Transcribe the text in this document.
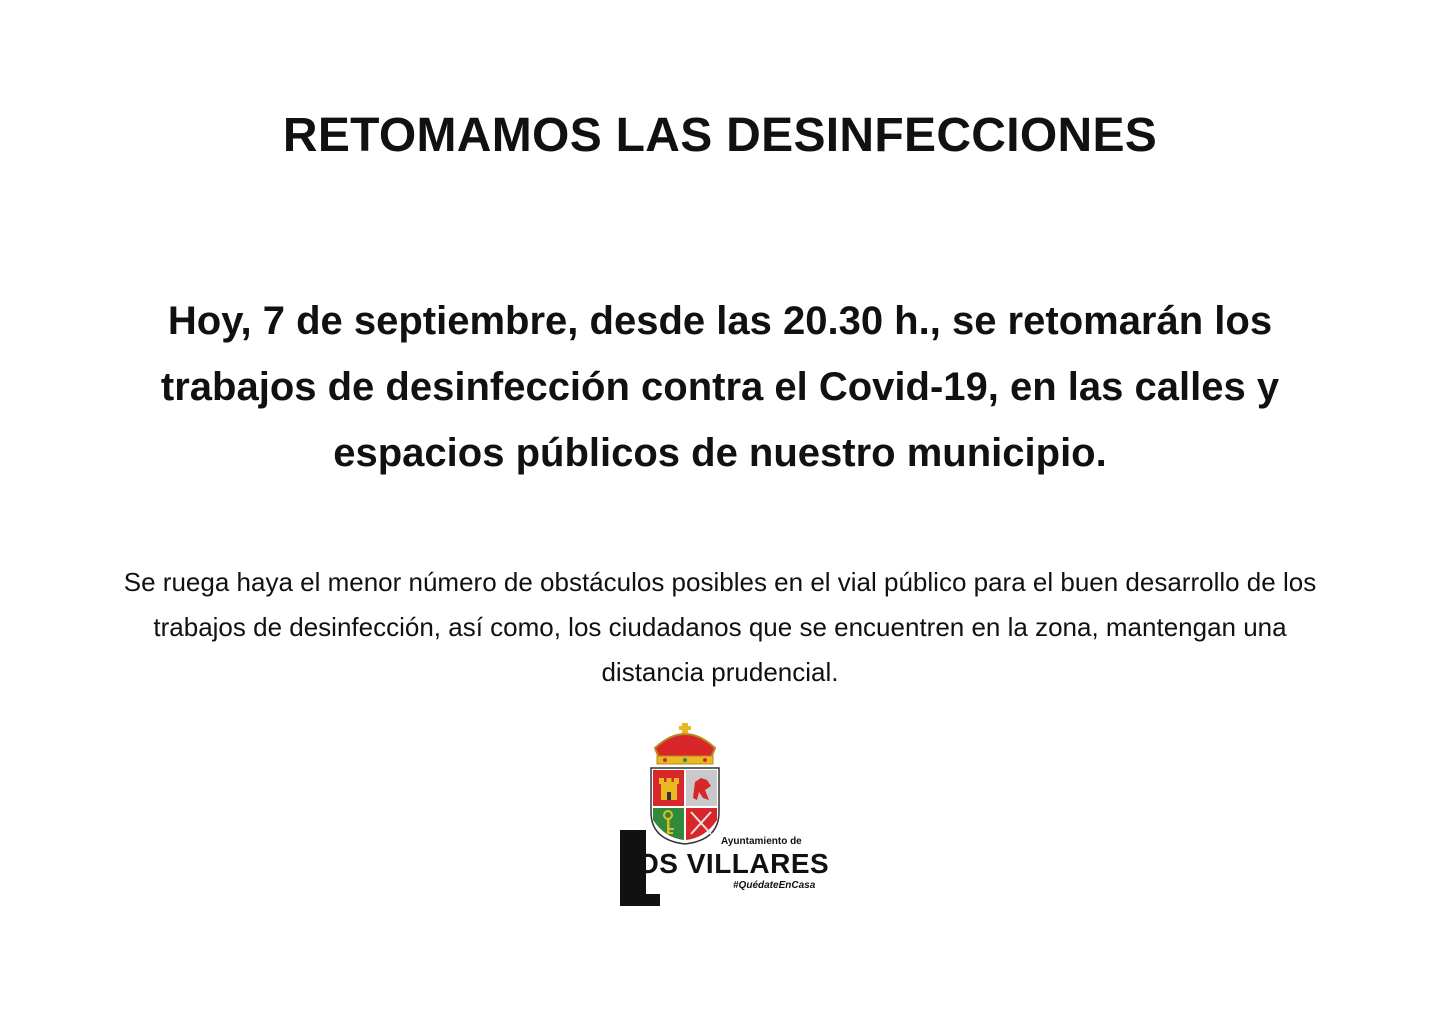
RETOMAMOS LAS DESINFECCIONES

Hoy, 7 de septiembre, desde las 20.30 h., se retomarán los trabajos de desinfección contra el Covid-19, en las calles y espacios públicos de nuestro municipio.

Se ruega haya el menor número de obstáculos posibles en el vial público para el buen desarrollo de los trabajos de desinfección, así como, los ciudadanos que se encuentren en la zona, mantengan una distancia prudencial.

Ayuntamiento de
OS VILLARES
#QuédateEnCasa
